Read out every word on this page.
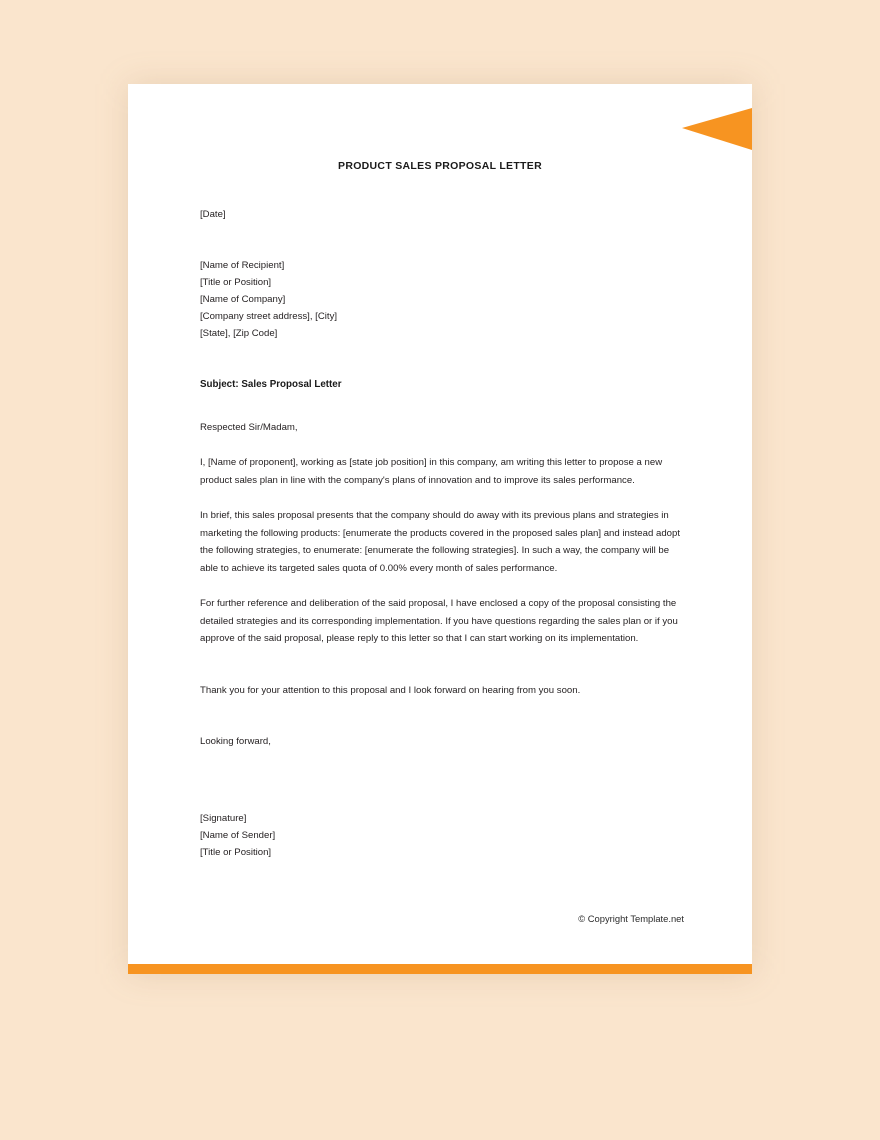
PRODUCT SALES PROPOSAL LETTER
[Date]
[Name of Recipient]
[Title or Position]
[Name of Company]
[Company street address], [City]
[State], [Zip Code]
Subject: Sales Proposal Letter
Respected Sir/Madam,
I, [Name of proponent], working as [state job position] in this company, am writing this letter to propose a new product sales plan in line with the company's plans of innovation and to improve its sales performance.
In brief, this sales proposal presents that the company should do away with its previous plans and strategies in marketing the following products: [enumerate the products covered in the proposed sales plan] and instead adopt the following strategies, to enumerate: [enumerate the following strategies]. In such a way, the company will be able to achieve its targeted sales quota of 0.00% every month of sales performance.
For further reference and deliberation of the said proposal, I have enclosed a copy of the proposal consisting the detailed strategies and its corresponding implementation. If you have questions regarding the sales plan or if you approve of the said proposal, please reply to this letter so that I can start working on its implementation.
Thank you for your attention to this proposal and I look forward on hearing from you soon.
Looking forward,
[Signature]
[Name of Sender]
[Title or Position]
© Copyright Template.net
